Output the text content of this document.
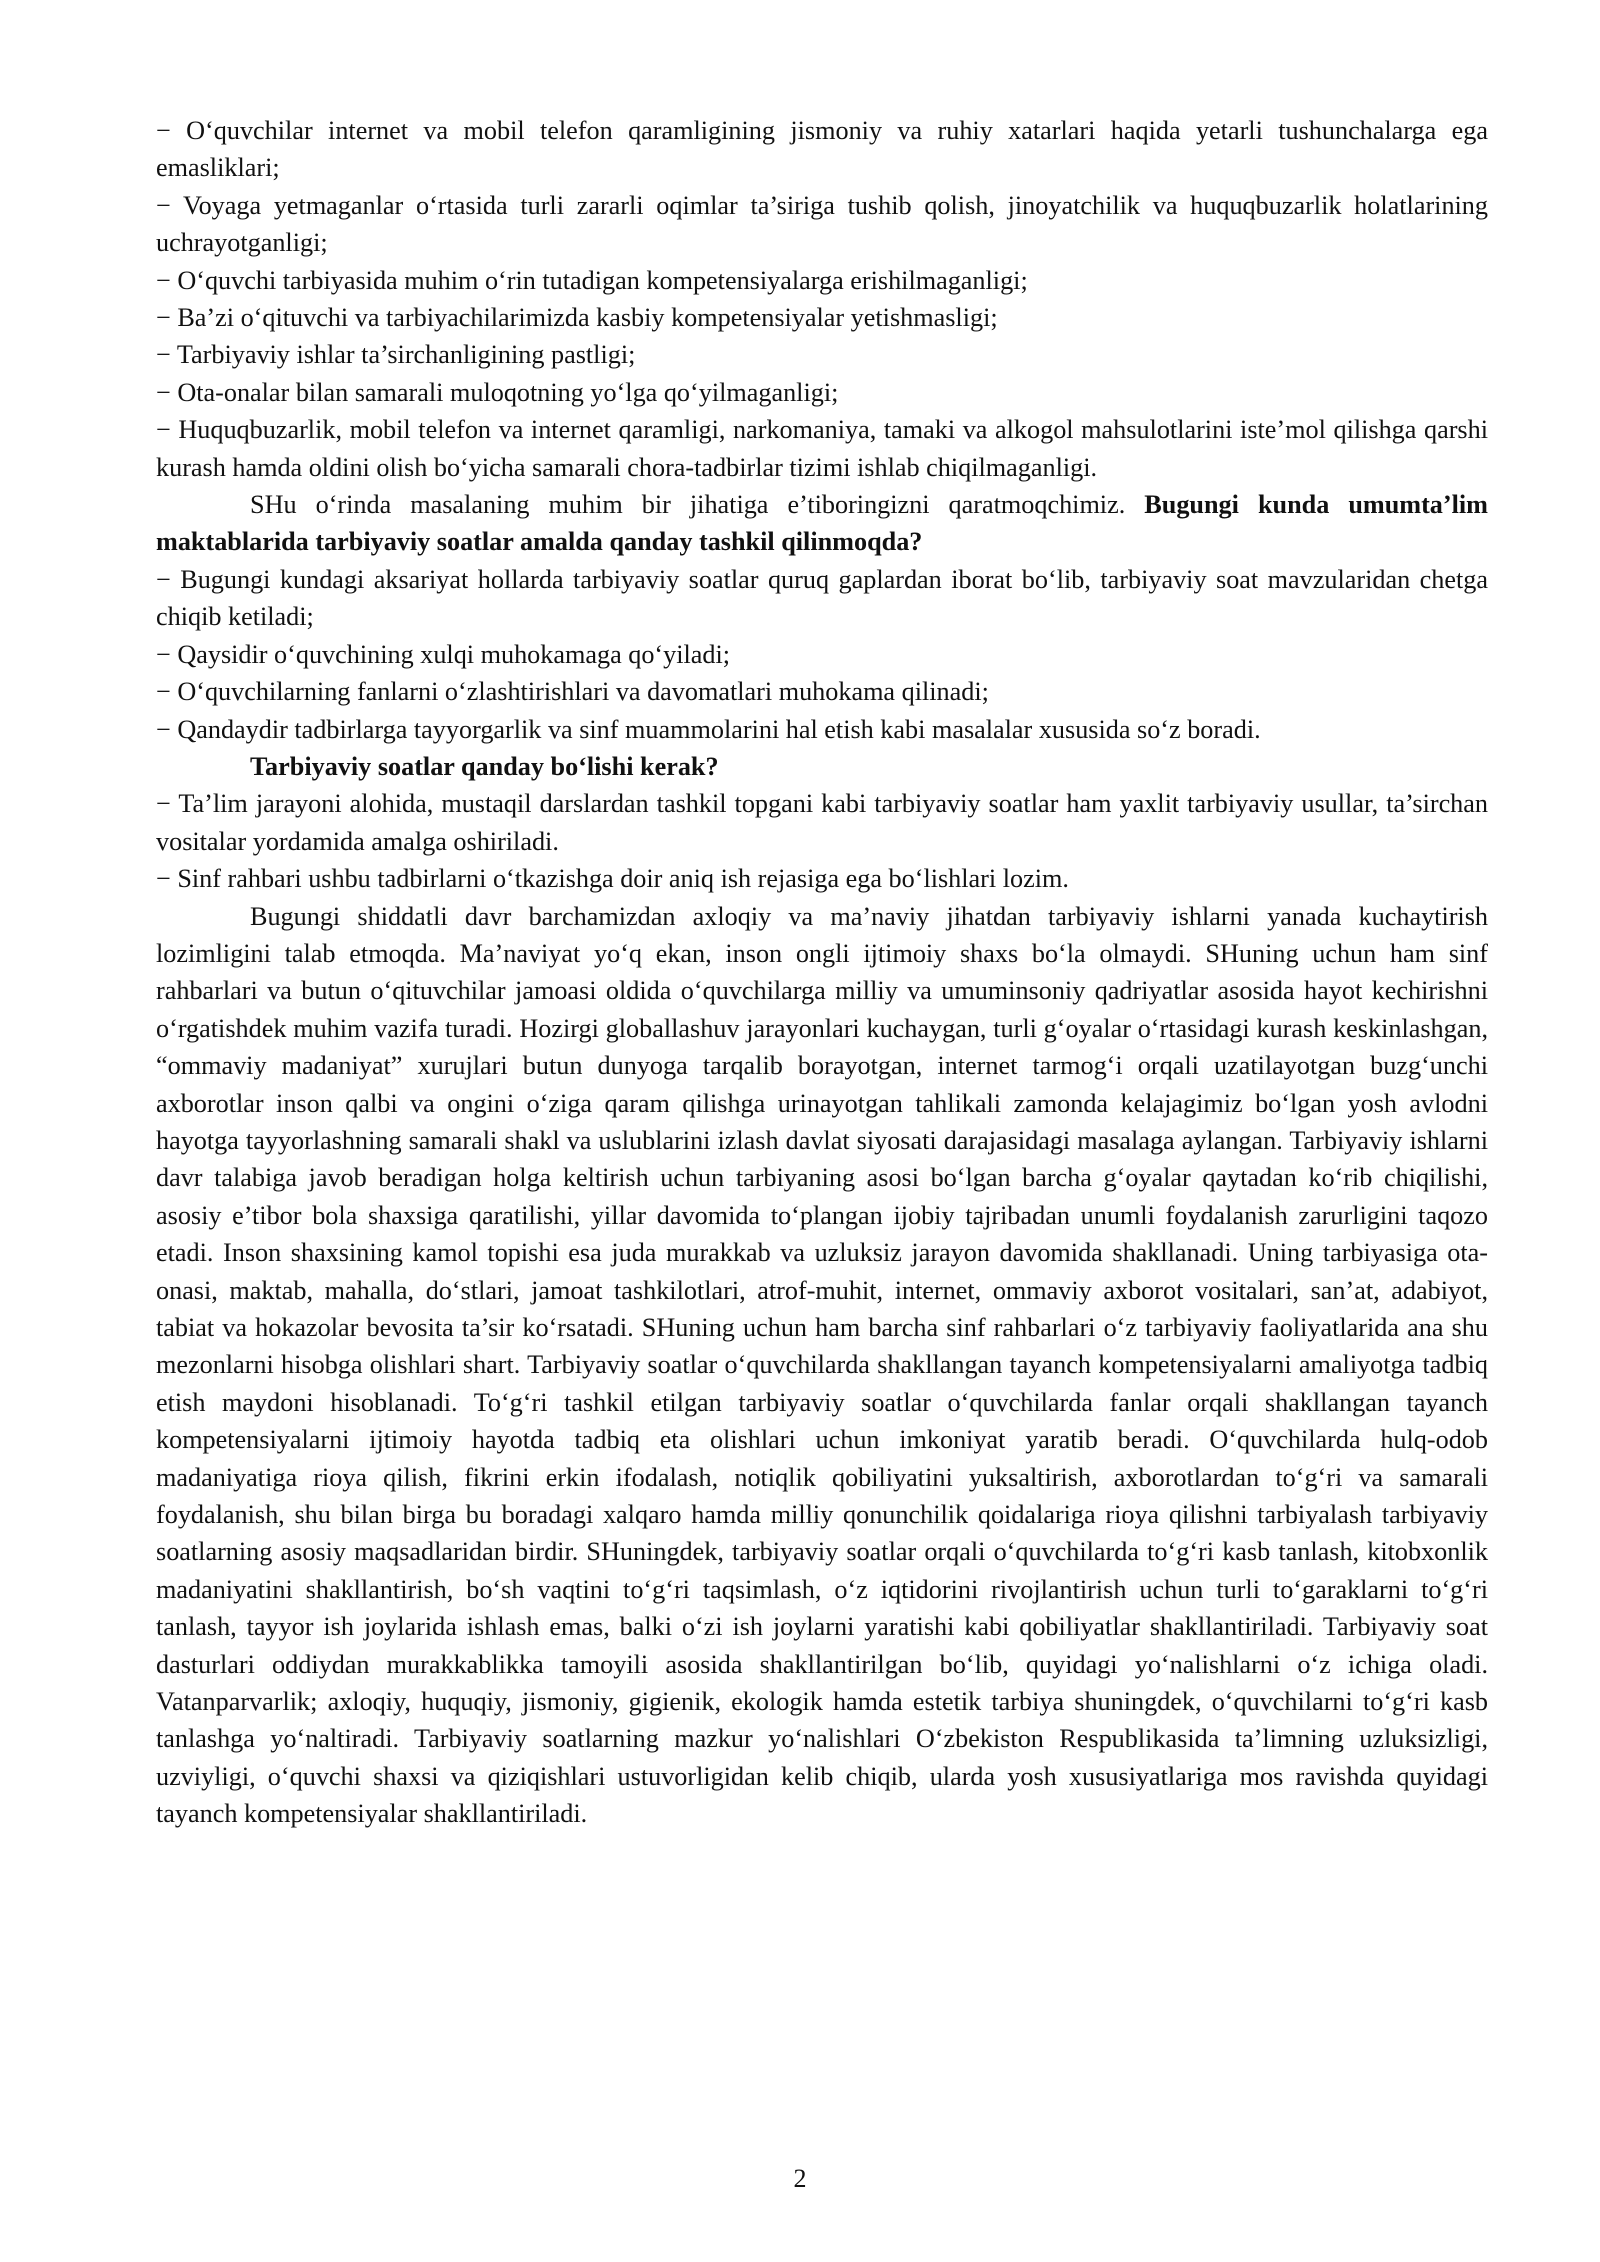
− O‘quvchilar internet va mobil telefon qaramligining jismoniy va ruhiy xatarlari haqida yetarli tushunchalarga ega emasliklari;

− Voyaga yetmaganlar o‘rtasida turli zararli oqimlar ta’siriga tushib qolish, jinoyatchilik va huquqbuzarlik holatlarining uchrayotganligi;

− O‘quvchi tarbiyasida muhim o‘rin tutadigan kompetensiyalarga erishilmaganligi;

− Ba’zi o‘qituvchi va tarbiyachilarimizda kasbiy kompetensiyalar yetishmasligi;

− Tarbiyaviy ishlar ta’sirchanligining pastligi;

− Ota-onalar bilan samarali muloqotning yo‘lga qo‘yilmaganligi;

− Huquqbuzarlik, mobil telefon va internet qaramligi, narkomaniya, tamaki va alkogol mahsulotlarini iste’mol qilishga qarshi kurash hamda oldini olish bo‘yicha samarali chora-tadbirlar tizimi ishlab chiqilmaganligi.

SHu o‘rinda masalaning muhim bir jihatiga e’tiboringizni qaratmoqchimiz. Bugungi kunda umumta’lim maktablarida tarbiyaviy soatlar amalda qanday tashkil qilinmoqda?

− Bugungi kundagi aksariyat hollarda tarbiyaviy soatlar quruq gaplardan iborat bo‘lib, tarbiyaviy soat mavzularidan chetga chiqib ketiladi;

− Qaysidir o‘quvchining xulqi muhokamaga qo‘yiladi;

− O‘quvchilarning fanlarni o‘zlashtirishlari va davomatlari muhokama qilinadi;

− Qandaydir tadbirlarga tayyorgarlik va sinf muammolarini hal etish kabi masalalar xususida so‘z boradi.

Tarbiyaviy soatlar qanday bo‘lishi kerak?

− Ta’lim jarayoni alohida, mustaqil darslardan tashkil topgani kabi tarbiyaviy soatlar ham yaxlit tarbiyaviy usullar, ta’sirchan vositalar yordamida amalga oshiriladi.

− Sinf rahbari ushbu tadbirlarni o‘tkazishga doir aniq ish rejasiga ega bo‘lishlari lozim.

Bugungi shiddatli davr barchamizdan axloqiy va ma’naviy jihatdan tarbiyaviy ishlarni yanada kuchaytirish lozimligini talab etmoqda. Ma’naviyat yo‘q ekan, inson ongli ijtimoiy shaxs bo‘la olmaydi. SHuning uchun ham sinf rahbarlari va butun o‘qituvchilar jamoasi oldida o‘quvchilarga milliy va umuminsoniy qadriyatlar asosida hayot kechirishni o‘rgatishdek muhim vazifa turadi. Hozirgi globallashuv jarayonlari kuchaygan, turli g‘oyalar o‘rtasidagi kurash keskinlashgan, “ommaviy madaniyat” xurujlari butun dunyoga tarqalib borayotgan, internet tarmog‘i orqali uzatilayotgan buzg‘unchi axborotlar inson qalbi va ongini o‘ziga qaram qilishga urinayotgan tahlikali zamonda kelajagimiz bo‘lgan yosh avlodni hayotga tayyorlashning samarali shakl va uslublarini izlash davlat siyosati darajasidagi masalaga aylangan. Tarbiyaviy ishlarni davr talabiga javob beradigan holga keltirish uchun tarbiyaning asosi bo‘lgan barcha g‘oyalar qaytadan ko‘rib chiqilishi, asosiy e’tibor bola shaxsiga qaratilishi, yillar davomida to‘plangan ijobiy tajribadan unumli foydalanish zarurligini taqozo etadi. Inson shaxsining kamol topishi esa juda murakkab va uzluksiz jarayon davomida shakllanadi. Uning tarbiyasiga ota-onasi, maktab, mahalla, do‘stlari, jamoat tashkilotlari, atrof-muhit, internet, ommaviy axborot vositalari, san’at, adabiyot, tabiat va hokazolar bevosita ta’sir ko‘rsatadi. SHuning uchun ham barcha sinf rahbarlari o‘z tarbiyaviy faoliyatlarida ana shu mezonlarni hisobga olishlari shart. Tarbiyaviy soatlar o‘quvchilarda shakllangan tayanch kompetensiyalarni amaliyotga tadbiq etish maydoni hisoblanadi. To‘g‘ri tashkil etilgan tarbiyaviy soatlar o‘quvchilarda fanlar orqali shakllangan tayanch kompetensiyalarni ijtimoiy hayotda tadbiq eta olishlari uchun imkoniyat yaratib beradi. O‘quvchilarda hulq-odob madaniyatiga rioya qilish, fikrini erkin ifodalash, notiqlik qobiliyatini yuksaltirish, axborotlardan to‘g‘ri va samarali foydalanish, shu bilan birga bu boradagi xalqaro hamda milliy qonunchilik qoidalariga rioya qilishni tarbiyalash tarbiyaviy soatlarning asosiy maqsadlaridan birdir. SHuningdek, tarbiyaviy soatlar orqali o‘quvchilarda to‘g‘ri kasb tanlash, kitobxonlik madaniyatini shakllantirish, bo‘sh vaqtini to‘g‘ri taqsimlash, o‘z iqtidorini rivojlantirish uchun turli to‘garaklarni to‘g‘ri tanlash, tayyor ish joylarida ishlash emas, balki o‘zi ish joylarni yaratishi kabi qobiliyatlar shakllantiriladi. Tarbiyaviy soat dasturlari oddiydan murakkablikka tamoyili asosida shakllantirilgan bo‘lib, quyidagi yo‘nalishlarni o‘z ichiga oladi. Vatanparvarlik; axloqiy, huquqiy, jismoniy, gigienik, ekologik hamda estetik tarbiya shuningdek, o‘quvchilarni to‘g‘ri kasb tanlashga yo‘naltiradi. Tarbiyaviy soatlarning mazkur yo‘nalishlari O‘zbekiston Respublikasida ta’limning uzluksizligi, uzviyligi, o‘quvchi shaxsi va qiziqishlari ustuvorligidan kelib chiqib, ularda yosh xususiyatlariga mos ravishda quyidagi tayanch kompetensiyalar shakllantiriladi.

2
